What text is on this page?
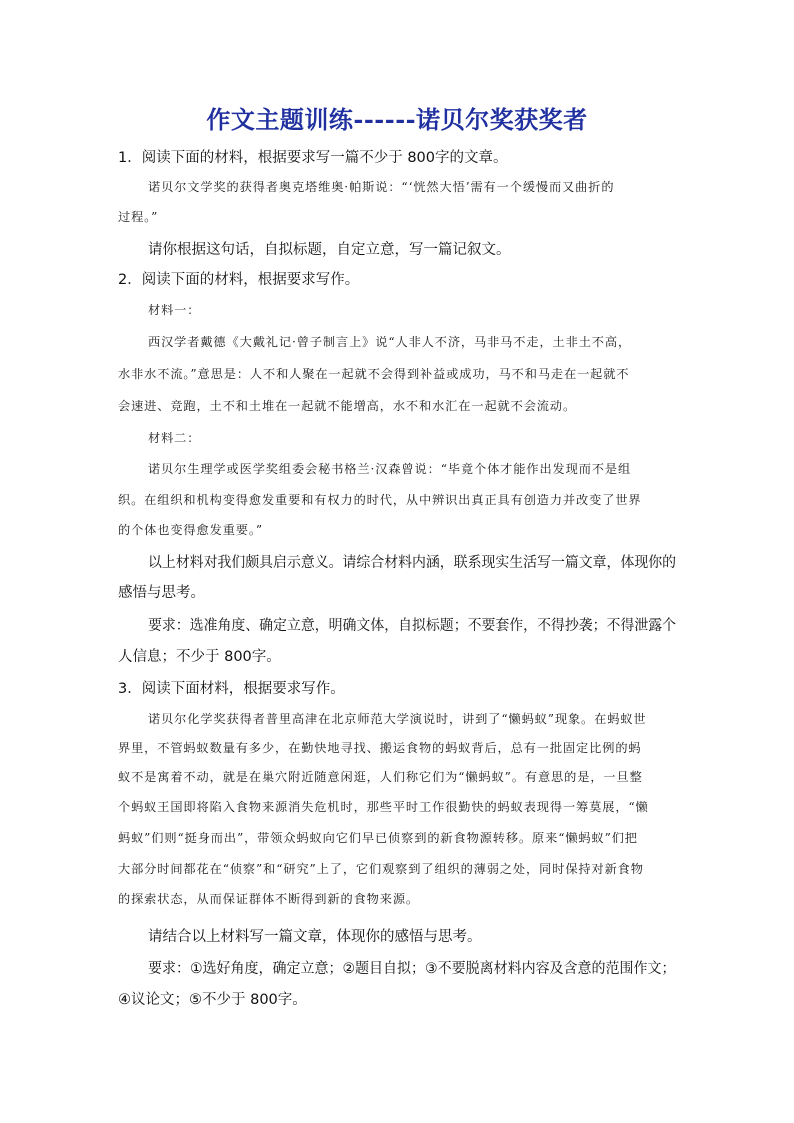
作文主题训练------诺贝尔奖获奖者
1．阅读下面的材料，根据要求写一篇不少于 800字的文章。
诺贝尔文学奖的获得者奥克塔维奥·帕斯说：“‘恍然大悟’需有一个缓慢而又曲折的
过程。”
请你根据这句话，自拟标题，自定立意，写一篇记叙文。
2．阅读下面的材料，根据要求写作。
材料一：
西汉学者戴德《大戴礼记·曾子制言上》说“人非人不济，马非马不走，土非土不高，
水非水不流。”意思是：人不和人聚在一起就不会得到补益或成功，马不和马走在一起就不
会速进、竞跑，土不和土堆在一起就不能增高，水不和水汇在一起就不会流动。
材料二：
诺贝尔生理学或医学奖组委会秘书格兰·汉森曾说：“毕竟个体才能作出发现而不是组
织。在组织和机构变得愈发重要和有权力的时代，从中辨识出真正具有创造力并改变了世界
的个体也变得愈发重要。”
以上材料对我们颇具启示意义。请综合材料内涵，联系现实生活写一篇文章，体现你的
感悟与思考。
要求：选准角度、确定立意，明确文体，自拟标题；不要套作，不得抄袭；不得泄露个
人信息；不少于 800字。
3．阅读下面材料，根据要求写作。
诺贝尔化学奖获得者普里高津在北京师范大学演说时，讲到了“懒蚂蚁”现象。在蚂蚁世
界里，不管蚂蚁数量有多少，在勤快地寻找、搬运食物的蚂蚁背后，总有一批固定比例的蚂
蚁不是寓着不动，就是在巢穴附近随意闲逛，人们称它们为“懒蚂蚁”。有意思的是，一旦整
个蚂蚁王国即将陷入食物来源消失危机时，那些平时工作很勤快的蚂蚁表现得一筹莫展，“懒
蚂蚁”们则“挺身而出”，带领众蚂蚁向它们早已侦察到的新食物源转移。原来“懒蚂蚁”们把
大部分时间都花在“侦察”和“研究”上了，它们观察到了组织的薄弱之处，同时保持对新食物
的探索状态，从而保证群体不断得到新的食物来源。
请结合以上材料写一篇文章，体现你的感悟与思考。
要求：①选好角度，确定立意；②题目自拟；③不要脱离材料内容及含意的范围作文；
④议论文；⑤不少于 800字。
